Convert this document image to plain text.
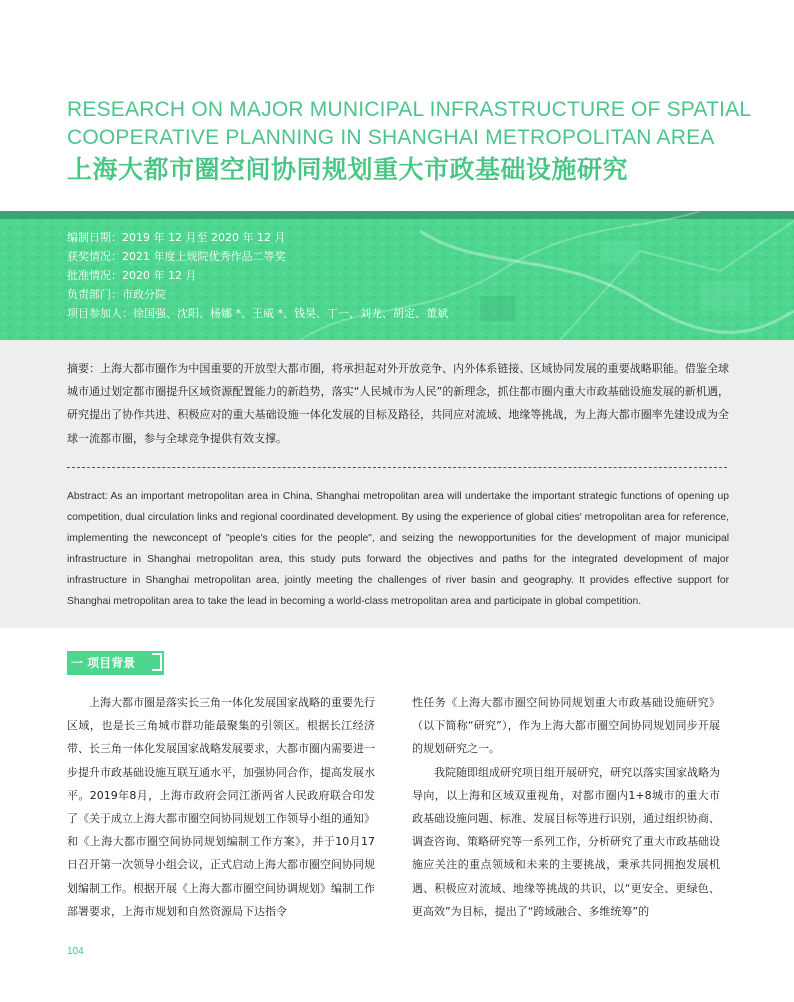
RESEARCH ON MAJOR MUNICIPAL INFRASTRUCTURE OF SPATIAL
COOPERATIVE PLANNING IN SHANGHAI METROPOLITAN AREA
上海大都市圈空间协同规划重大市政基础设施研究
编制日期：2019 年 12 月至 2020 年 12 月
获奖情况：2021 年度上规院优秀作品二等奖
批准情况：2020 年 12 月
负责部门：市政分院
项目参加人：徐国强、沈阳、杨娜 *、王威 *、钱昊、丁一、刘龙、胡定、董斌
摘要：上海大都市圈作为中国重要的开放型大都市圈，将承担起对外开放竞争、内外体系链接、区域协同发展的重要战略职能。借鉴全球城市通过划定都市圈提升区域资源配置能力的新趋势，落实“人民城市为人民”的新理念，抓住都市圈内重大市政基础设施发展的新机遇，研究提出了协作共进、积极应对的重大基础设施一体化发展的目标及路径，共同应对流域、地缘等挑战，为上海大都市圈率先建设成为全球一流都市圈，参与全球竞争提供有效支撑。
Abstract: As an important metropolitan area in China, Shanghai metropolitan area will undertake the important strategic functions of opening up competition, dual circulation links and regional coordinated development. By using the experience of global cities' metropolitan area for reference, implementing the newconcept of "people's cities for the people", and seizing the newopportunities for the development of major municipal infrastructure in Shanghai metropolitan area, this study puts forward the objectives and paths for the integrated development of major infrastructure in Shanghai metropolitan area, jointly meeting the challenges of river basin and geography. It provides effective support for Shanghai metropolitan area to take the lead in becoming a world-class metropolitan area and participate in global competition.
一 项目背景

上海大都市圈是落实长三角一体化发展国家战略的重要先行区域，也是长三角城市群功能最聚集的引领区。根据长江经济带、长三角一体化发展国家战略发展要求，大都市圈内需要进一步提升市政基础设施互联互通水平，加强协同合作，提高发展水平。2019年8月，上海市政府会同江浙两省人民政府联合印发了《关于成立上海大都市圈空间协同规划工作领导小组的通知》和《上海大都市圈空间协同规划编制工作方案》，并于10月17日召开第一次领导小组会议，正式启动上海大都市圈空间协同规划编制工作。根据开展《上海大都市圈空间协调规划》编制工作部署要求，上海市规划和自然资源局下达指令

性任务《上海大都市圈空间协同规划重大市政基础设施研究》（以下简称“研究”），作为上海大都市圈空间协同规划同步开展的规划研究之一。

我院随即组成研究项目组开展研究，研究以落实国家战略为导向，以上海和区域双重视角，对都市圈内1+8城市的重大市政基础设施问题、标准、发展目标等进行识别，通过组织协商、调查咨询、策略研究等一系列工作，分析研究了重大市政基础设施应关注的重点领域和未来的主要挑战，秉承共同拥抱发展机遇、积极应对流域、地缘等挑战的共识，以“更安全、更绿色、更高效”为目标，提出了“跨域融合、多维统筹”的

104
